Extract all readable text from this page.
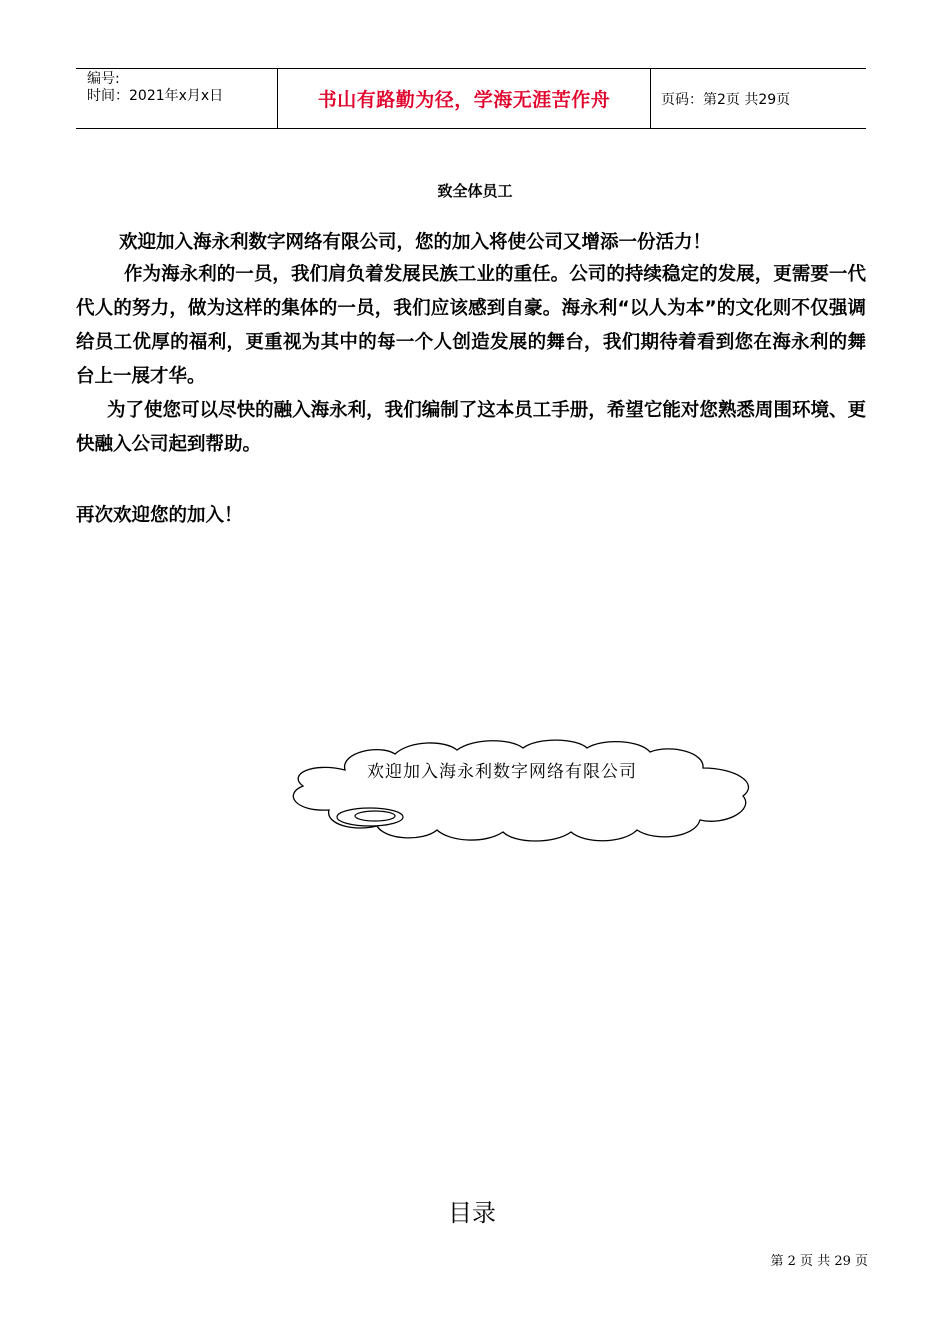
编号:
时间：2021年x月x日	书山有路勤为径，学海无涯苦作舟	页码：第2页 共29页
致全体员工
欢迎加入海永利数字网络有限公司，您的加入将使公司又增添一份活力！
作为海永利的一员，我们肩负着发展民族工业的重任。公司的持续稳定的发展，更需要一代代人的努力，做为这样的集体的一员，我们应该感到自豪。海永利“以人为本”的文化则不仅强调给员工优厚的福利，更重视为其中的每一个人创造发展的舞台，我们期待着看到您在海永利的舞台上一展才华。
为了使您可以尽快的融入海永利，我们编制了这本员工手册，希望它能对您熟悉周围环境、更快融入公司起到帮助。
再次欢迎您的加入！
欢迎加入海永利数字网络有限公司
目录
第 2 页 共 29 页
